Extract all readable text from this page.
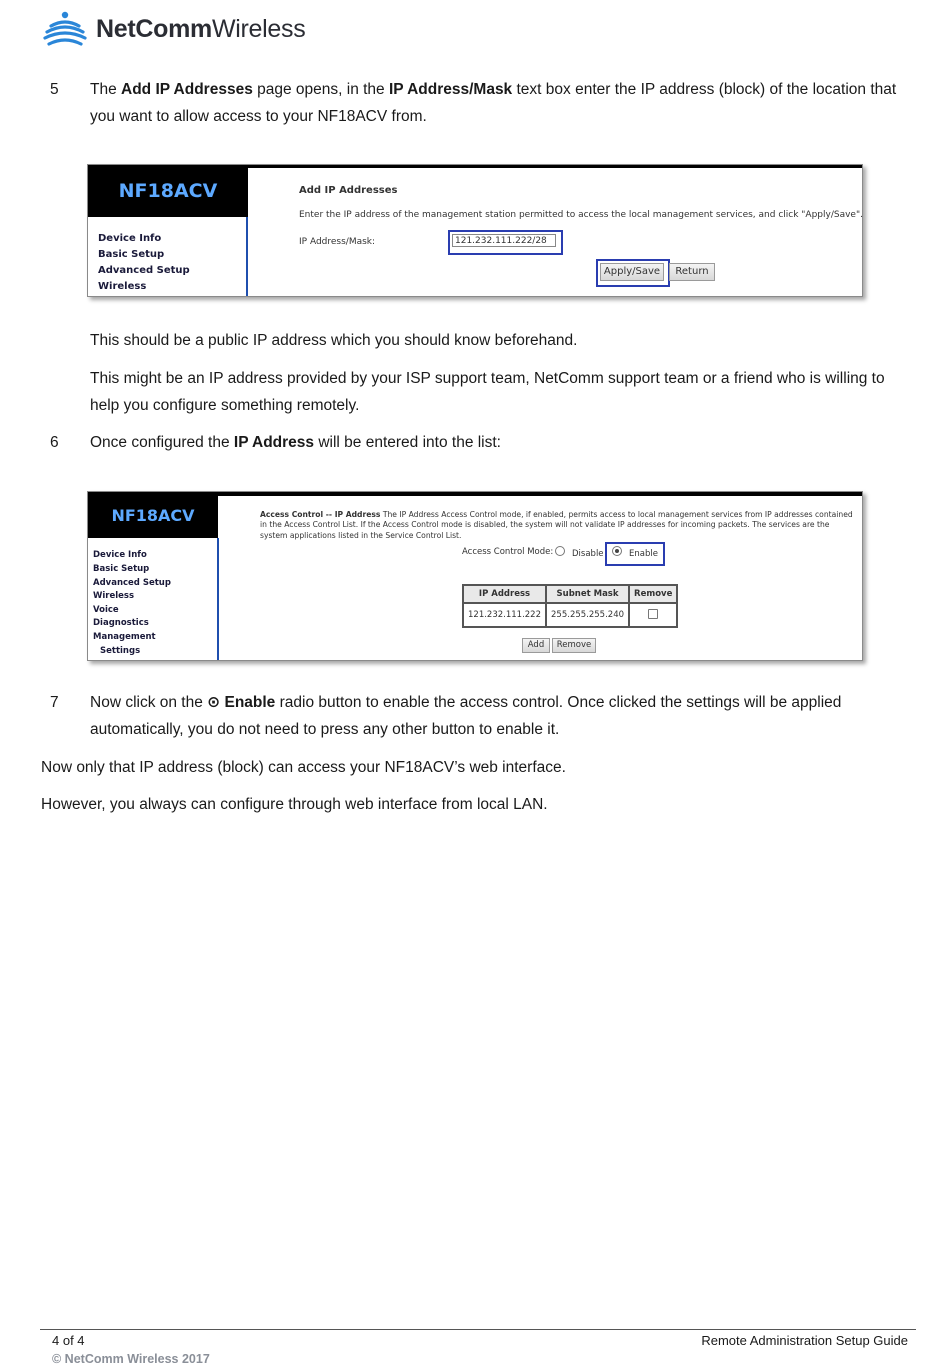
NetCommWireless
5	The Add IP Addresses page opens, in the IP Address/Mask text box enter the IP address (block) of the location that you want to allow access to your NF18ACV from.
NF18ACV
Device Info
Basic Setup
Advanced Setup
Wireless
Add IP Addresses
Enter the IP address of the management station permitted to access the local management services, and click "Apply/Save".
IP Address/Mask:	121.232.111.222/28
Apply/Save	Return
This should be a public IP address which you should know beforehand.
This might be an IP address provided by your ISP support team, NetComm support team or a friend who is willing to help you configure something remotely.
6	Once configured the IP Address will be entered into the list:
NF18ACV
Device Info
Basic Setup
Advanced Setup
Wireless
Voice
Diagnostics
Management
Settings
Access Control -- IP Address The IP Address Access Control mode, if enabled, permits access to local management services from IP addresses contained in the Access Control List. If the Access Control mode is disabled, the system will not validate IP addresses for incoming packets. The services are the system applications listed in the Service Control List.
Access Control Mode: Disable	Enable
IP Address	Subnet Mask	Remove
121.232.111.222	255.255.255.240	
Add	Remove
7	Now click on the ⊙ Enable radio button to enable the access control. Once clicked the settings will be applied automatically, you do not need to press any other button to enable it.
Now only that IP address (block) can access your NF18ACV’s web interface.
However, you always can configure through web interface from local LAN.
4 of 4	Remote Administration Setup Guide
© NetComm Wireless 2017
